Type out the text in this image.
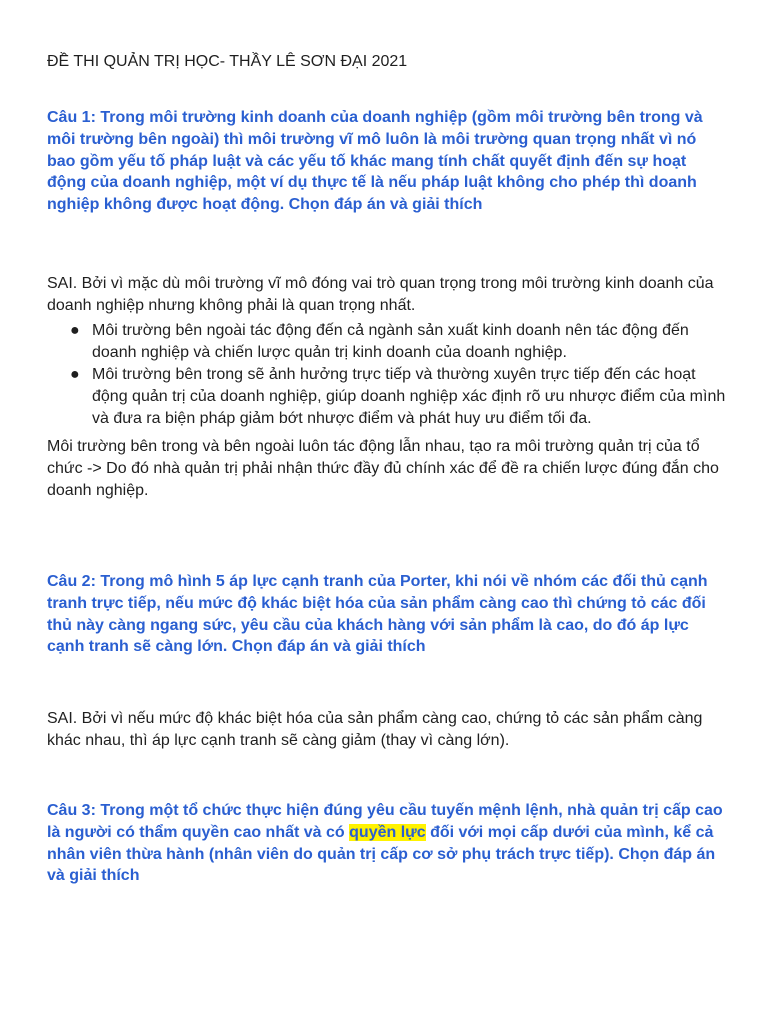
ĐỀ THI QUẢN TRỊ HỌC- THẦY LÊ SƠN ĐẠI 2021
Câu 1: Trong môi trường kinh doanh của doanh nghiệp (gồm môi trường bên trong và môi trường bên ngoài) thì môi trường vĩ mô luôn là môi trường quan trọng nhất vì nó bao gồm yếu tố pháp luật và các yếu tố khác mang tính chất quyết định đến sự hoạt động của doanh nghiệp, một ví dụ thực tế là nếu pháp luật không cho phép thì doanh nghiệp không được hoạt động. Chọn đáp án và giải thích

SAI. Bởi vì mặc dù môi trường vĩ mô đóng vai trò quan trọng trong môi trường kinh doanh của doanh nghiệp nhưng không phải là quan trọng nhất.

● Môi trường bên ngoài tác động đến cả ngành sản xuất kinh doanh nên tác động đến doanh nghiệp và chiến lược quản trị kinh doanh của doanh nghiệp.
● Môi trường bên trong sẽ ảnh hưởng trực tiếp và thường xuyên trực tiếp đến các hoạt động quản trị của doanh nghiệp, giúp doanh nghiệp xác định rõ ưu nhược điểm của mình và đưa ra biện pháp giảm bớt nhược điểm và phát huy ưu điểm tối đa.

Môi trường bên trong và bên ngoài luôn tác động lẫn nhau, tạo ra môi trường quản trị của tổ chức -> Do đó nhà quản trị phải nhận thức đầy đủ chính xác để đề ra chiến lược đúng đắn cho doanh nghiệp.

Câu 2: Trong mô hình 5 áp lực cạnh tranh của Porter, khi nói về nhóm các đối thủ cạnh tranh trực tiếp, nếu mức độ khác biệt hóa của sản phẩm càng cao thì chứng tỏ các đối thủ này càng ngang sức, yêu cầu của khách hàng với sản phẩm là cao, do đó áp lực cạnh tranh sẽ càng lớn. Chọn đáp án và giải thích

SAI. Bởi vì nếu mức độ khác biệt hóa của sản phẩm càng cao, chứng tỏ các sản phẩm càng khác nhau, thì áp lực cạnh tranh sẽ càng giảm (thay vì càng lớn).

Câu 3: Trong một tổ chức thực hiện đúng yêu cầu tuyến mệnh lệnh, nhà quản trị cấp cao là người có thẩm quyền cao nhất và có quyền lực đối với mọi cấp dưới của mình, kể cả nhân viên thừa hành (nhân viên do quản trị cấp cơ sở phụ trách trực tiếp). Chọn đáp án và giải thích
